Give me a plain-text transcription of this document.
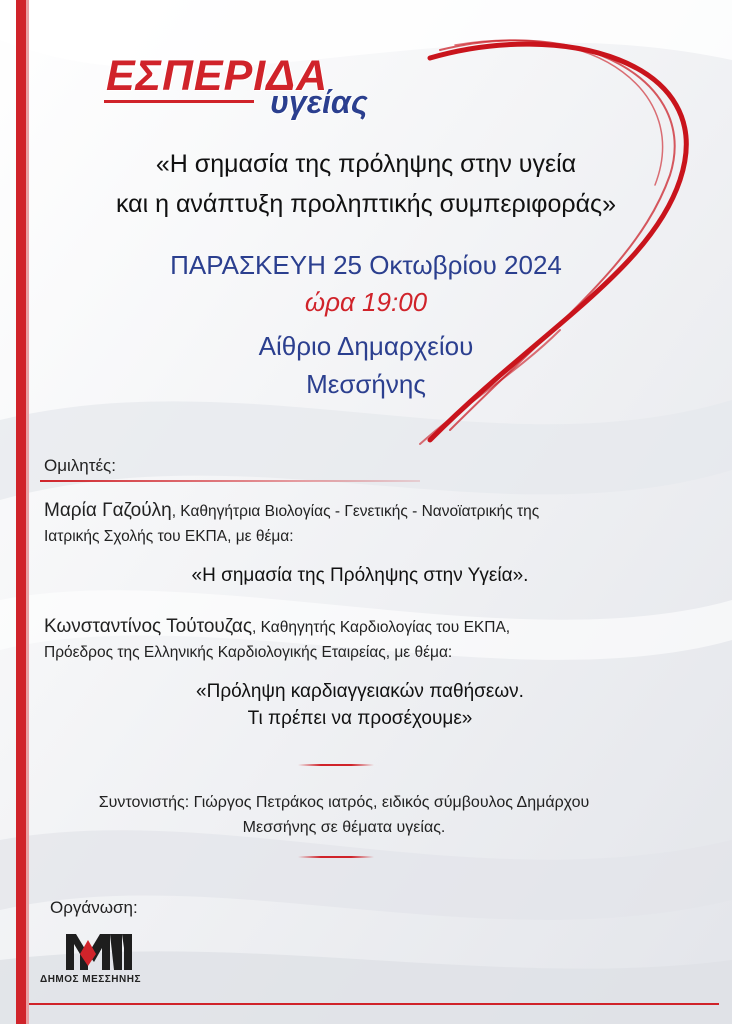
ΕΣΠΕΡΙΔΑ
υγείας
«Η σημασία της πρόληψης στην υγεία
και η ανάπτυξη προληπτικής συμπεριφοράς»
ΠΑΡΑΣΚΕΥΗ 25 Οκτωβρίου 2024
ώρα 19:00
Αίθριο Δημαρχείου
Μεσσήνης
Ομιλητές:
Μαρία Γαζούλη, Καθηγήτρια Βιολογίας - Γενετικής - Νανοϊατρικής της
Ιατρικής Σχολής του ΕΚΠΑ, με θέμα:
«Η σημασία της Πρόληψης στην Υγεία».
Κωνσταντίνος Τούτουζας, Καθηγητής Καρδιολογίας του ΕΚΠΑ,
Πρόεδρος της Ελληνικής Καρδιολογικής Εταιρείας, με θέμα:
«Πρόληψη καρδιαγγειακών παθήσεων.
Τι πρέπει να προσέχουμε»
Συντονιστής: Γιώργος Πετράκος ιατρός, ειδικός σύμβουλος Δημάρχου
Μεσσήνης σε θέματα υγείας.
Οργάνωση:
ΔΗΜΟΣ ΜΕΣΣΗΝΗΣ
